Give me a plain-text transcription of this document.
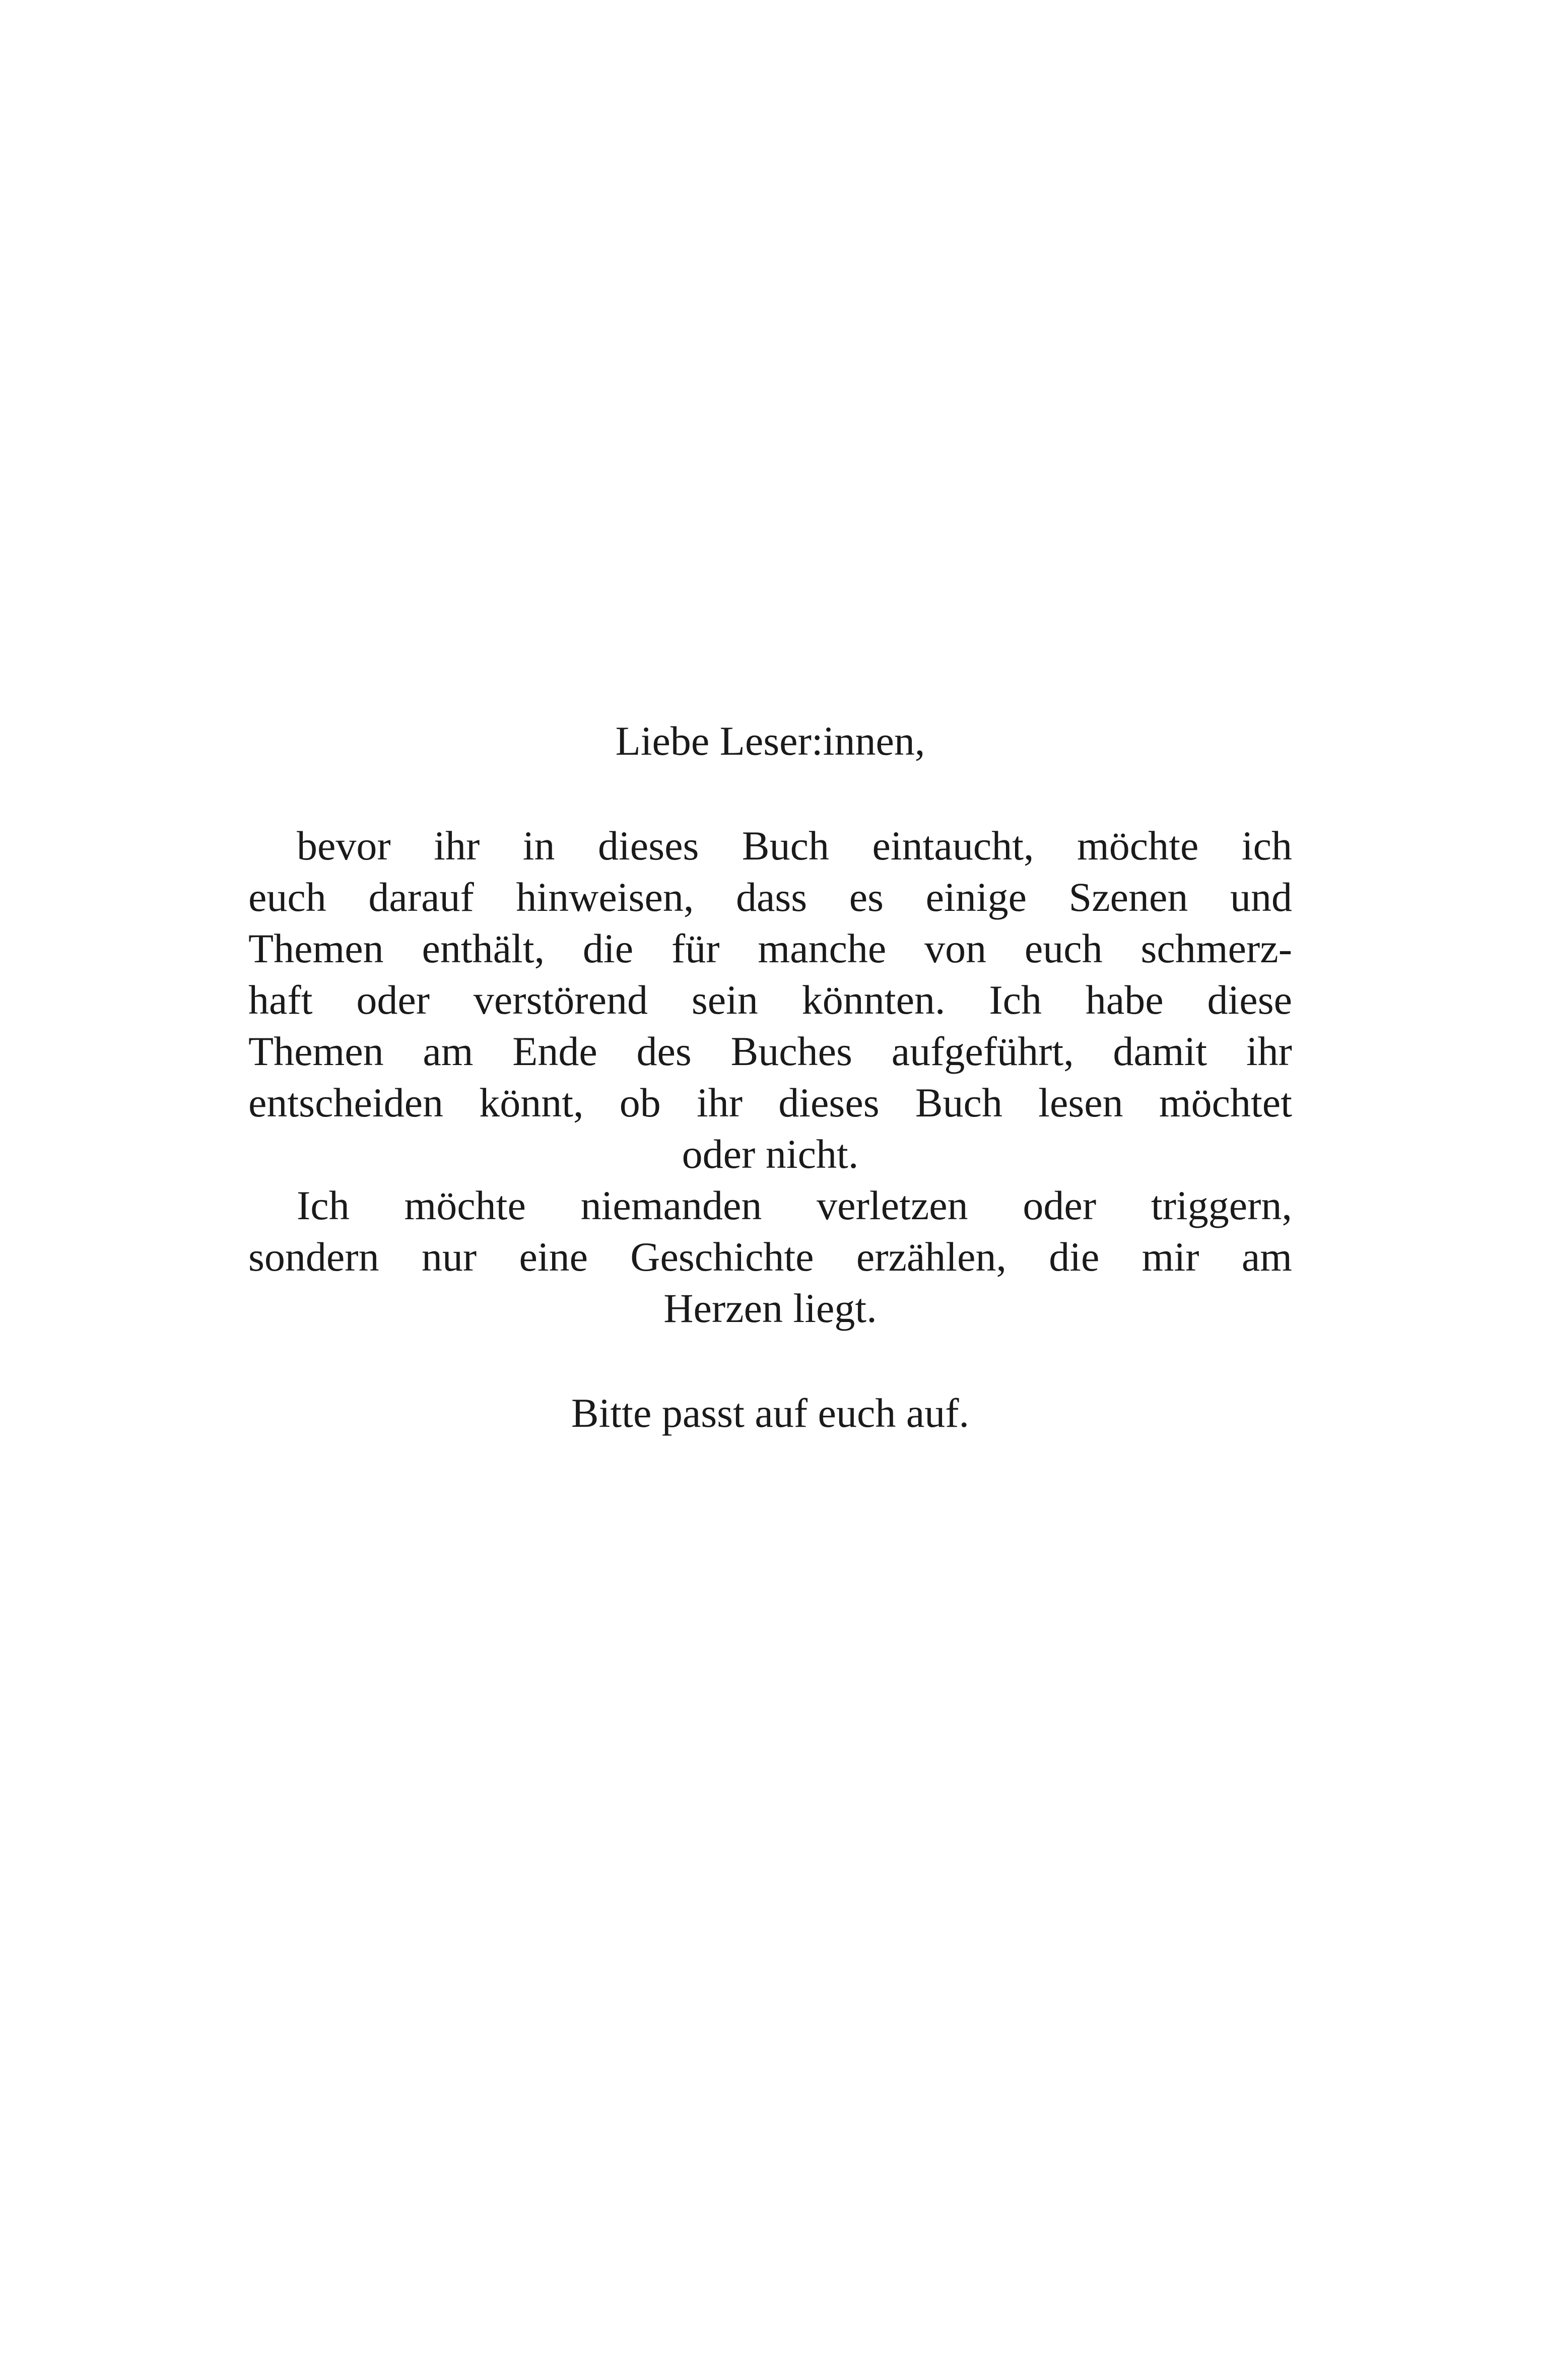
Liebe Leser:innen,
bevor ihr in dieses Buch eintaucht, möchte ich
euch darauf hinweisen, dass es einige Szenen und
Themen enthält, die für manche von euch schmerz-
haft oder verstörend sein könnten. Ich habe diese
Themen am Ende des Buches aufgeführt, damit ihr
entscheiden könnt, ob ihr dieses Buch lesen möchtet
oder nicht.
Ich möchte niemanden verletzen oder triggern,
sondern nur eine Geschichte erzählen, die mir am
Herzen liegt.
Bitte passt auf euch auf.
